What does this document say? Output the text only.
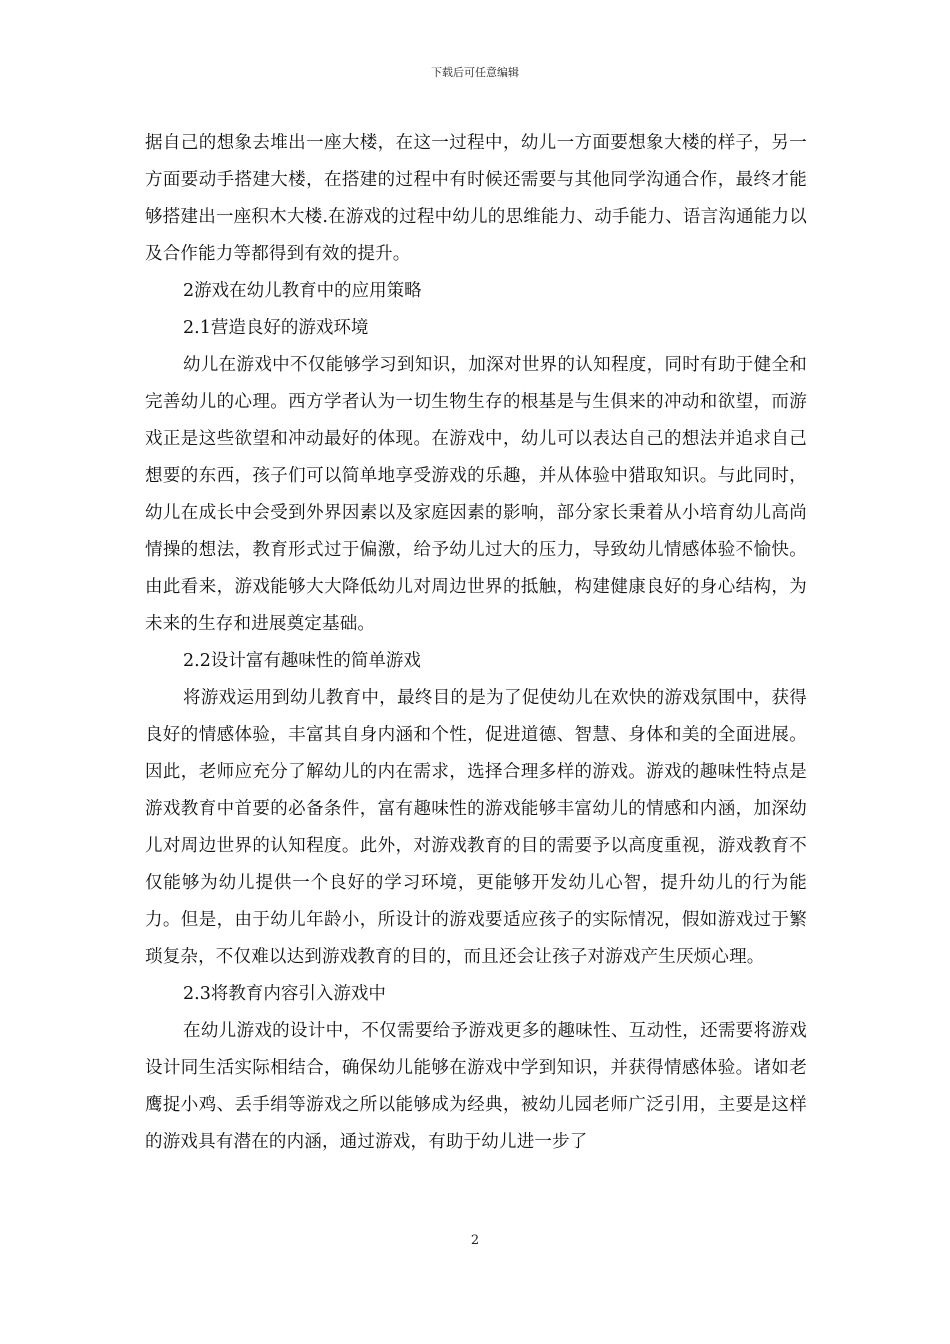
下载后可任意编辑

据自己的想象去堆出一座大楼，在这一过程中，幼儿一方面要想象大楼的样子，另一方面要动手搭建大楼，在搭建的过程中有时候还需要与其他同学沟通合作，最终才能够搭建出一座积木大楼.在游戏的过程中幼儿的思维能力、动手能力、语言沟通能力以及合作能力等都得到有效的提升。

2游戏在幼儿教育中的应用策略

2.1营造良好的游戏环境

幼儿在游戏中不仅能够学习到知识，加深对世界的认知程度，同时有助于健全和完善幼儿的心理。西方学者认为一切生物生存的根基是与生俱来的冲动和欲望，而游戏正是这些欲望和冲动最好的体现。在游戏中，幼儿可以表达自己的想法并追求自己想要的东西，孩子们可以简单地享受游戏的乐趣，并从体验中猎取知识。与此同时，幼儿在成长中会受到外界因素以及家庭因素的影响，部分家长秉着从小培育幼儿高尚情操的想法，教育形式过于偏激，给予幼儿过大的压力，导致幼儿情感体验不愉快。由此看来，游戏能够大大降低幼儿对周边世界的抵触，构建健康良好的身心结构，为未来的生存和进展奠定基础。

2.2设计富有趣味性的简单游戏

将游戏运用到幼儿教育中，最终目的是为了促使幼儿在欢快的游戏氛围中，获得良好的情感体验，丰富其自身内涵和个性，促进道德、智慧、身体和美的全面进展。因此，老师应充分了解幼儿的内在需求，选择合理多样的游戏。游戏的趣味性特点是游戏教育中首要的必备条件，富有趣味性的游戏能够丰富幼儿的情感和内涵，加深幼儿对周边世界的认知程度。此外，对游戏教育的目的需要予以高度重视，游戏教育不仅能够为幼儿提供一个良好的学习环境，更能够开发幼儿心智，提升幼儿的行为能力。但是，由于幼儿年龄小，所设计的游戏要适应孩子的实际情况，假如游戏过于繁琐复杂，不仅难以达到游戏教育的目的，而且还会让孩子对游戏产生厌烦心理。

2.3将教育内容引入游戏中

在幼儿游戏的设计中，不仅需要给予游戏更多的趣味性、互动性，还需要将游戏设计同生活实际相结合，确保幼儿能够在游戏中学到知识，并获得情感体验。诸如老鹰捉小鸡、丢手绢等游戏之所以能够成为经典，被幼儿园老师广泛引用，主要是这样的游戏具有潜在的内涵，通过游戏，有助于幼儿进一步了

2
